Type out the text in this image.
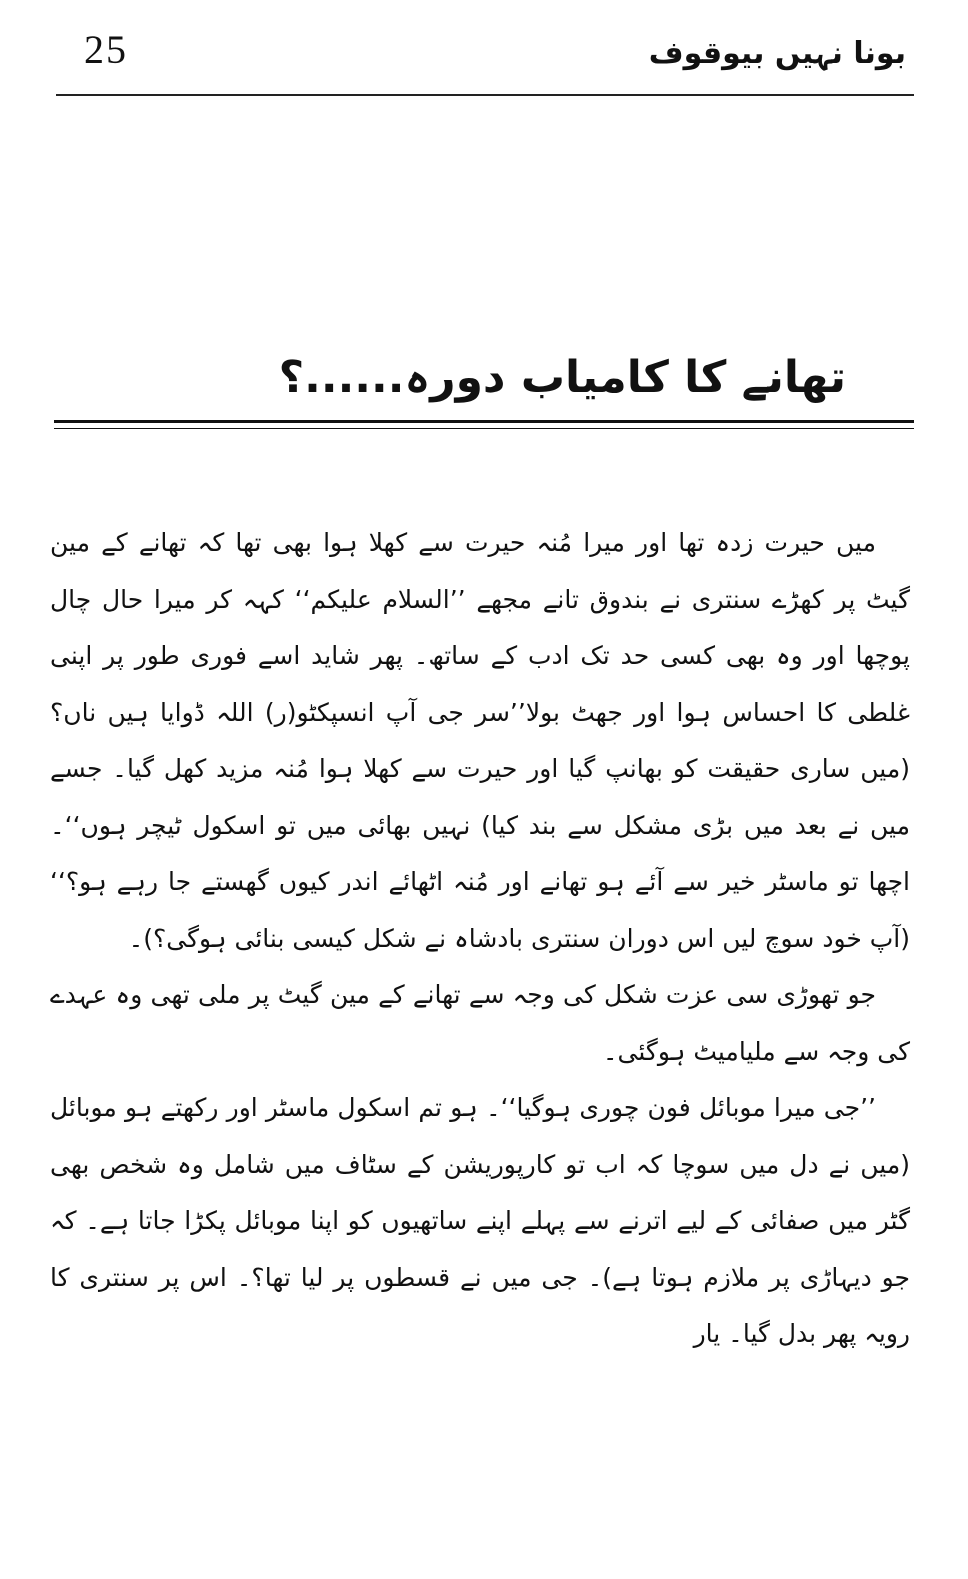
25	بونا نہیں بیوقوف
تھانے کا کامیاب دورہ......؟

میں حیرت زدہ تھا اور میرا مُنہ حیرت سے کھلا ہوا بھی تھا کہ تھانے کے مین گیٹ پر کھڑے سنتری نے بندوق تانے مجھے ’’السلام علیکم‘‘ کہہ کر میرا حال چال پوچھا اور وہ بھی کسی حد تک ادب کے ساتھ۔ پھر شاید اسے فوری طور پر اپنی غلطی کا احساس ہوا اور جھٹ بولا’’سر جی آپ انسپکٹو(ر) اللہ ڈوایا ہیں ناں؟ (میں ساری حقیقت کو بھانپ گیا اور حیرت سے کھلا ہوا مُنہ مزید کھل گیا۔ جسے میں نے بعد میں بڑی مشکل سے بند کیا) نہیں بھائی میں تو اسکول ٹیچر ہوں‘‘۔ اچھا تو ماسٹر خیر سے آئے ہو تھانے اور مُنہ اٹھائے اندر کیوں گھستے جا رہے ہو؟‘‘ (آپ خود سوچ لیں اس دوران سنتری بادشاہ نے شکل کیسی بنائی ہوگی؟)۔

جو تھوڑی سی عزت شکل کی وجہ سے تھانے کے مین گیٹ پر ملی تھی وہ عہدے کی وجہ سے ملیامیٹ ہوگئی۔

’’جی میرا موبائل فون چوری ہوگیا‘‘۔ ہو تم اسکول ماسٹر اور رکھتے ہو موبائل (میں نے دل میں سوچا کہ اب تو کارپوریشن کے سٹاف میں شامل وہ شخص بھی گٹر میں صفائی کے لیے اترنے سے پہلے اپنے ساتھیوں کو اپنا موبائل پکڑا جاتا ہے۔ کہ جو دیہاڑی پر ملازم ہوتا ہے)۔ جی میں نے قسطوں پر لیا تھا؟۔ اس پر سنتری کا رویہ پھر بدل گیا۔ یار
